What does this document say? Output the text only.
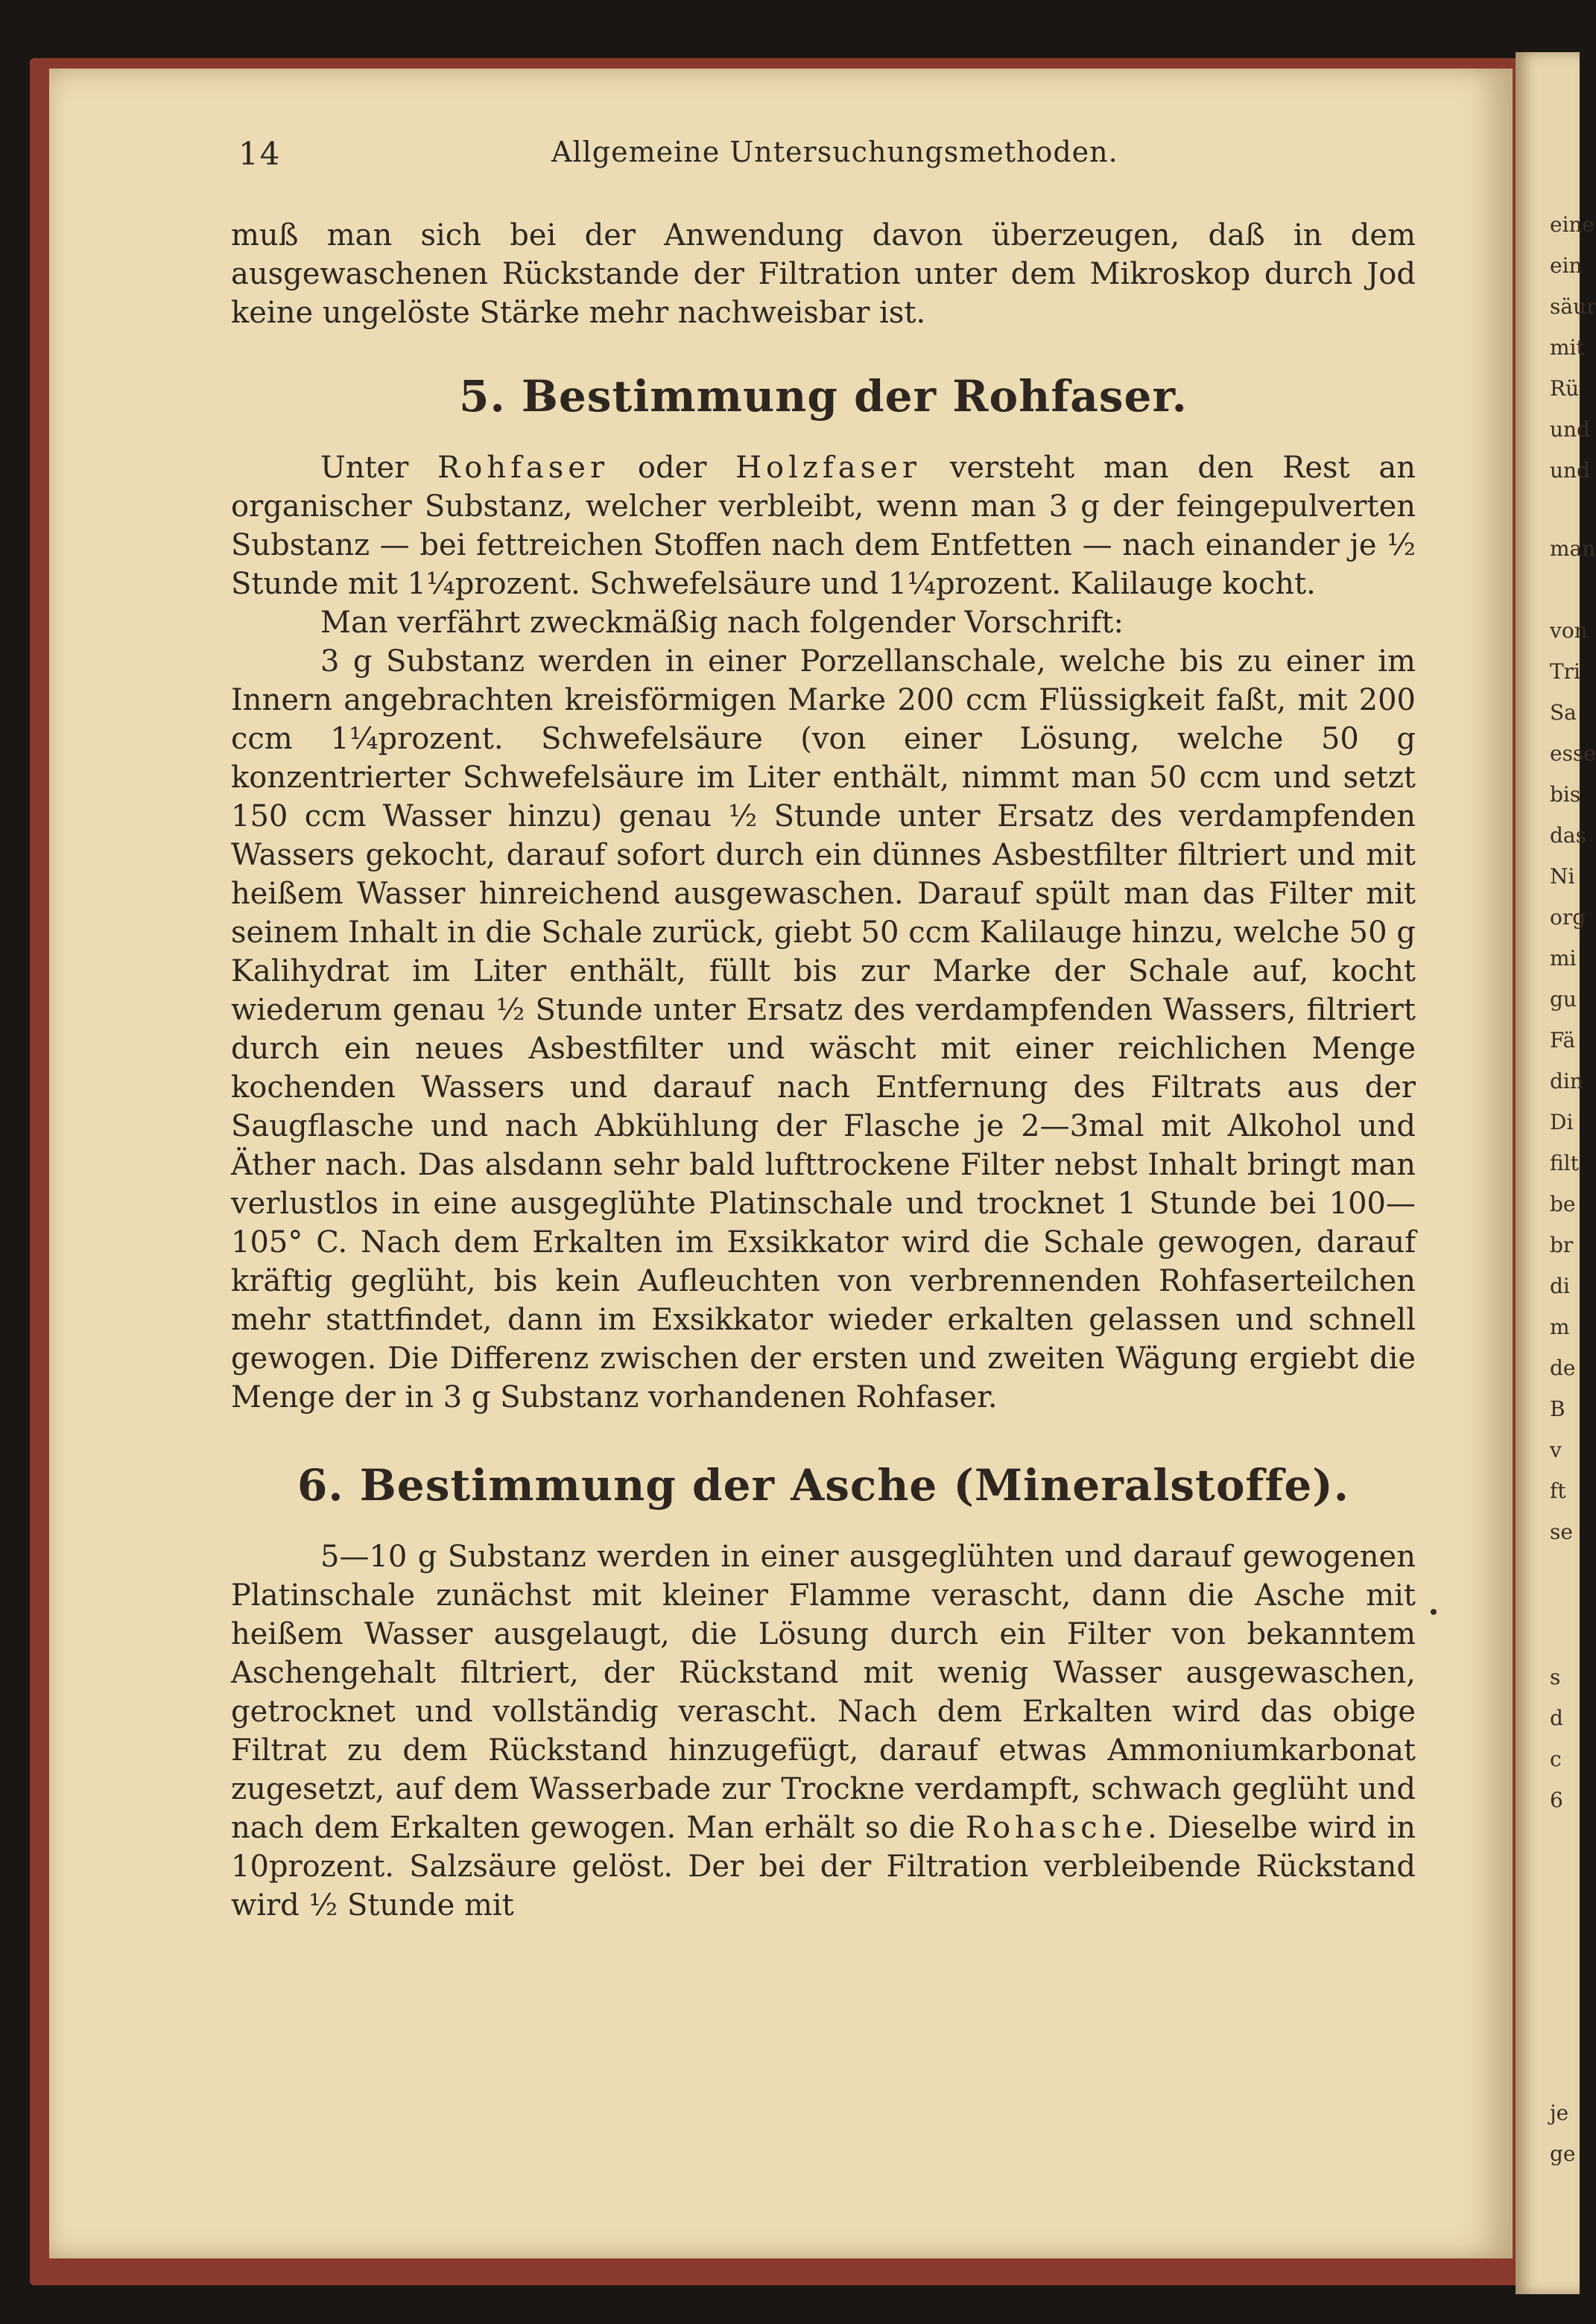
eine
ein
säur
mit
Rü
und
und
man
von
Tri
Sa
esse
bis
das
Ni
org
mi
gu
Fä
din
Di
filt
be
br
di
m
de
B
v
ft
se
s
d
c
6
je
ge
14	Allgemeine Untersuchungsmethoden.

muß man sich bei der Anwendung davon überzeugen, daß in dem ausgewaschenen Rückstande der Filtration unter dem Mikroskop durch Jod keine ungelöste Stärke mehr nachweisbar ist.

5. Bestimmung der Rohfaser.

Unter Rohfaser oder Holzfaser versteht man den Rest an organischer Substanz, welcher verbleibt, wenn man 3 g der feingepulverten Substanz — bei fettreichen Stoffen nach dem Entfetten — nach einander je ½ Stunde mit 1¼prozent. Schwefelsäure und 1¼prozent. Kalilauge kocht.

Man verfährt zweckmäßig nach folgender Vorschrift:

3 g Substanz werden in einer Porzellanschale, welche bis zu einer im Innern angebrachten kreisförmigen Marke 200 ccm Flüssigkeit faßt, mit 200 ccm 1¼prozent. Schwefelsäure (von einer Lösung, welche 50 g konzentrierter Schwefelsäure im Liter enthält, nimmt man 50 ccm und setzt 150 ccm Wasser hinzu) genau ½ Stunde unter Ersatz des verdampfenden Wassers gekocht, darauf sofort durch ein dünnes Asbestfilter filtriert und mit heißem Wasser hinreichend ausgewaschen. Darauf spült man das Filter mit seinem Inhalt in die Schale zurück, giebt 50 ccm Kalilauge hinzu, welche 50 g Kalihydrat im Liter enthält, füllt bis zur Marke der Schale auf, kocht wiederum genau ½ Stunde unter Ersatz des verdampfenden Wassers, filtriert durch ein neues Asbestfilter und wäscht mit einer reichlichen Menge kochenden Wassers und darauf nach Entfernung des Filtrats aus der Saugflasche und nach Abkühlung der Flasche je 2—3mal mit Alkohol und Äther nach. Das alsdann sehr bald lufttrockene Filter nebst Inhalt bringt man verlustlos in eine ausgeglühte Platinschale und trocknet 1 Stunde bei 100—105° C. Nach dem Erkalten im Exsikkator wird die Schale gewogen, darauf kräftig geglüht, bis kein Aufleuchten von verbrennenden Rohfaserteilchen mehr stattfindet, dann im Exsikkator wieder erkalten gelassen und schnell gewogen. Die Differenz zwischen der ersten und zweiten Wägung ergiebt die Menge der in 3 g Substanz vorhandenen Rohfaser.

6. Bestimmung der Asche (Mineralstoffe).

5—10 g Substanz werden in einer ausgeglühten und darauf gewogenen Platinschale zunächst mit kleiner Flamme verascht, dann die Asche mit heißem Wasser ausgelaugt, die Lösung durch ein Filter von bekanntem Aschengehalt filtriert, der Rückstand mit wenig Wasser ausgewaschen, getrocknet und vollständig verascht. Nach dem Erkalten wird das obige Filtrat zu dem Rückstand hinzugefügt, darauf etwas Ammoniumkarbonat zugesetzt, auf dem Wasserbade zur Trockne verdampft, schwach geglüht und nach dem Erkalten gewogen. Man erhält so die Rohasche. Dieselbe wird in 10prozent. Salzsäure gelöst. Der bei der Filtration verbleibende Rückstand wird ½ Stunde mit
